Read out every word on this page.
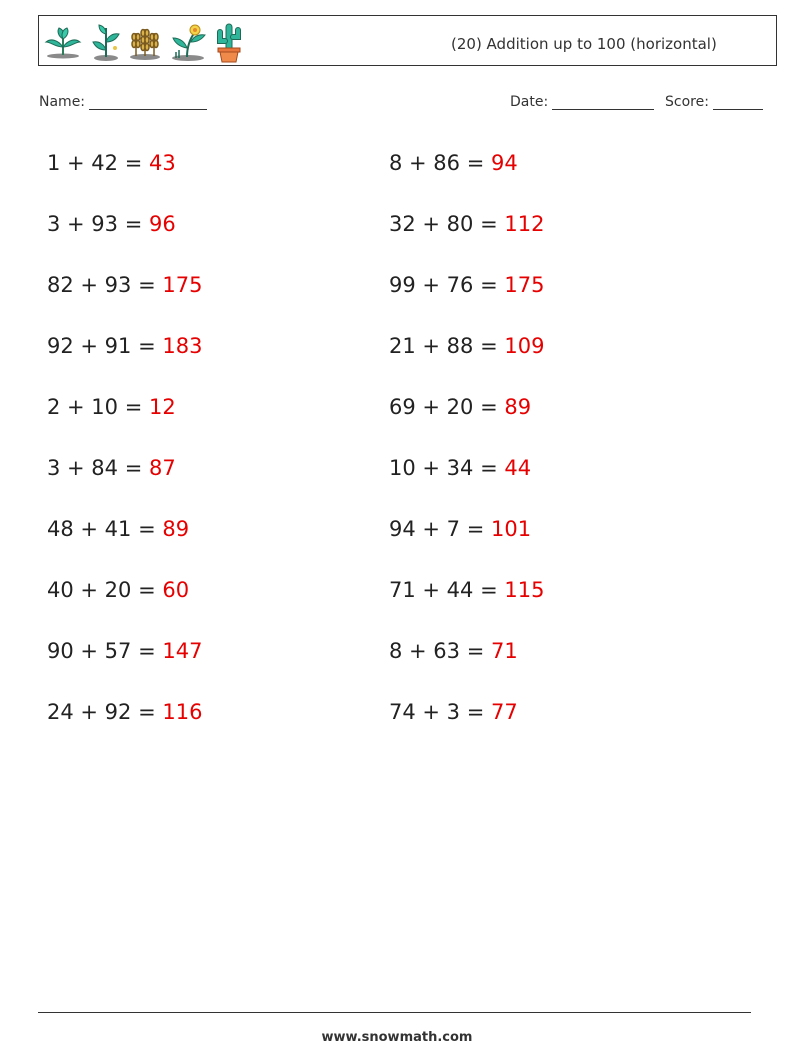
(20) Addition up to 100 (horizontal)
Name:	Date:	Score:
1 + 42 = 43	8 + 86 = 94
3 + 93 = 96	32 + 80 = 112
82 + 93 = 175	99 + 76 = 175
92 + 91 = 183	21 + 88 = 109
2 + 10 = 12	69 + 20 = 89
3 + 84 = 87	10 + 34 = 44
48 + 41 = 89	94 + 7 = 101
40 + 20 = 60	71 + 44 = 115
90 + 57 = 147	8 + 63 = 71
24 + 92 = 116	74 + 3 = 77
www.snowmath.com
